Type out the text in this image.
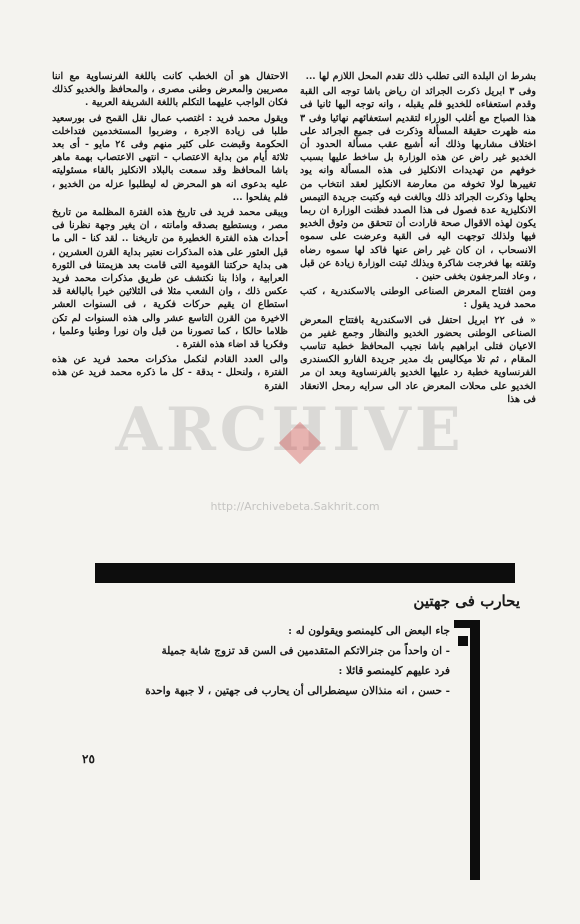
بشرط ان البلدة التى تطلب ذلك تقدم المحل اللازم لها ...

وفى ٣ ابريل ذكرت الجرائد ان رياض باشا توجه الى القبة وقدم استعفاءه للخديو فلم يقبله ، وانه توجه اليها ثانيا فى هذا الصباح مع أغلب الوزراء لتقديم استعفائهم نهائيا وفى ٣ منه ظهرت حقيقة المسألة وذكرت فى جميع الجرائد على اختلاف مشاربها وذلك أنه أشيع عقب مسألة الحدود أن الخديو غير راض عن هذه الوزارة بل ساخط عليها بسبب خوفهم من تهديدات الانكليز فى هذه المسألة وانه يود تغييرها لولا تخوفه من معارضة الانكليز لعقد انتخاب من يحلها وذكرت الجرائد ذلك وبالغت فيه وكتبت جريدة التيمس الانكليزية عدة فصول فى هذا الصدد فظنت الوزارة ان ربما يكون لهذه الاقوال صحة فارادت أن تتحقق من وثوق الخديو فيها ولذلك توجهت اليه فى القبة وعرضت على سموه الانسحاب ، ان كان غير راض عنها فاكد لها سموه رضاه وثقته بها فخرجت شاكرة وبذلك ثبتت الوزارة زيادة عن قبل ، وعاد المرجفون بخفى حنين .

ومن افتتاح المعرض الصناعى الوطنى بالاسكندرية ، كتب محمد فريد يقول :

« فى ٢٢ ابريل احتفل فى الاسكندرية بافتتاح المعرض الصناعى الوطنى بحضور الخديو والنظار وجمع غفير من الاعيان فتلى ابراهيم باشا نجيب المحافظ خطبة تناسب المقام ، ثم تلا ميكاليس بك مدير جريدة الفارو الكسندرى الفرنساوية خطبة رد عليها الخديو بالفرنساوية وبعد ان مر الخديو على محلات المعرض عاد الى سرايه رمحل الانعقاد فى هذا

الاحتفال هو أن الخطب كانت باللغة الفرنساوية مع اننا مصريين والمعرض وطنى مصرى ، والمحافظ والخديو كذلك فكان الواجب عليهما التكلم باللغة الشريفة العربية .

ويقول محمد فريد : اغتصب عمال نقل القمح فى بورسعيد طلبا فى زيادة الاجرة ، وضربوا المستخدمين فتداخلت الحكومة وقبضت على كثير منهم وفى ٢٤ مايو - أى بعد ثلاثة أيام من بداية الاعتصاب - انتهى الاعتصاب بهمة ماهر باشا المحافظ وقد سمعت بالبلاد الانكليز بالقاء مسئوليته عليه بدعوى انه هو المحرض له ليطلبوا عزله من الخديو ، فلم يفلحوا ...

ويبقى محمد فريد فى تاريخ هذه الفترة المظلمة من تاريخ مصر ، وبستطيع بصدقه وامانته ، ان يغير وجهة نظرنا فى أحداث هذه الفترة الخطيرة من تاريخنا .. لقد كنا - الى ما قبل العثور على هذه المذكرات نعتبر بداية القرن العشرين ، هى بداية حركتنا القومية التى قامت بعد هزيمتنا فى الثورة العرابية ، واذا بنا نكتشف عن طريق مذكرات محمد فريد عكس ذلك ، وان الشعب مثلا فى الثلاثين خيرا بالبالغة قد استطاع ان يقيم حركات فكرية ، فى السنوات العشر الاخيرة من القرن التاسع عشر والى هذه السنوات لم تكن ظلاما حالكا ، كما تصورنا من قبل وان نورا وطنيا وعلميا ، وفكريا قد اضاء هذه الفترة .

والى العدد القادم لنكمل مذكرات محمد فريد عن هذه الفترة ، ولنحلل - بدقة - كل ما ذكره محمد فريد عن هذه الفترة

ARCHIVE
http://Archivebeta.Sakhrit.com
يحارب فى جهتين

جاء البعض الى كليمنصو ويقولون له :

- ان واحداً من جنرالاتكم المتقدمين فى السن قد تزوج شابة جميلة

فرد عليهم كليمنصو قائلا :

- حسن ، انه منذالان سيضطرالى أن يحارب فى جهتين ، لا جبهة واحدة

٢٥
